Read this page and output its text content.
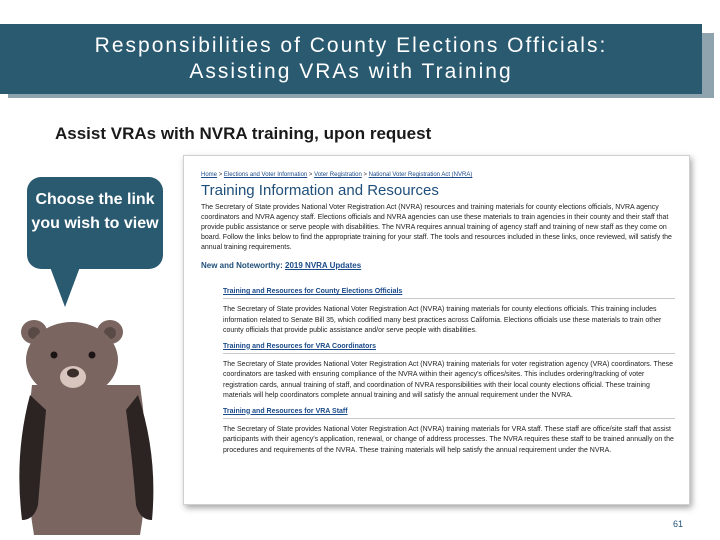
Responsibilities of County Elections Officials:
Assisting VRAs with Training
Assist VRAs with NVRA training, upon request
Choose the link you wish to view
Home > Elections and Voter Information > Voter Registration > National Voter Registration Act (NVRA)
Training Information and Resources
The Secretary of State provides National Voter Registration Act (NVRA) resources and training materials for county elections officials, NVRA agency coordinators and NVRA agency staff. Elections officials and NVRA agencies can use these materials to train agencies in their county and their staff that provide public assistance or serve people with disabilities. The NVRA requires annual training of agency staff and training of new staff as they come on board. Follow the links below to find the appropriate training for your staff. The tools and resources included in these links, once reviewed, will satisfy the annual training requirements.
New and Noteworthy: 2019 NVRA Updates
Training and Resources for County Elections Officials
The Secretary of State provides National Voter Registration Act (NVRA) training materials for county elections officials. This training includes information related to Senate Bill 35, which codified many best practices across California. Elections officials use these materials to train other county officials that provide public assistance and/or serve people with disabilities.
Training and Resources for VRA Coordinators
The Secretary of State provides National Voter Registration Act (NVRA) training materials for voter registration agency (VRA) coordinators. These coordinators are tasked with ensuring compliance of the NVRA within their agency's offices/sites. This includes ordering/tracking of voter registration cards, annual training of staff, and coordination of NVRA responsibilities with their local county elections official. These training materials will help coordinators complete annual training and will satisfy the annual requirement under the NVRA.
Training and Resources for VRA Staff
The Secretary of State provides National Voter Registration Act (NVRA) training materials for VRA staff. These staff are office/site staff that assist participants with their agency's application, renewal, or change of address processes. The NVRA requires these staff to be trained annually on the procedures and requirements of the NVRA. These training materials will help satisfy the annual requirement under the NVRA.
61
